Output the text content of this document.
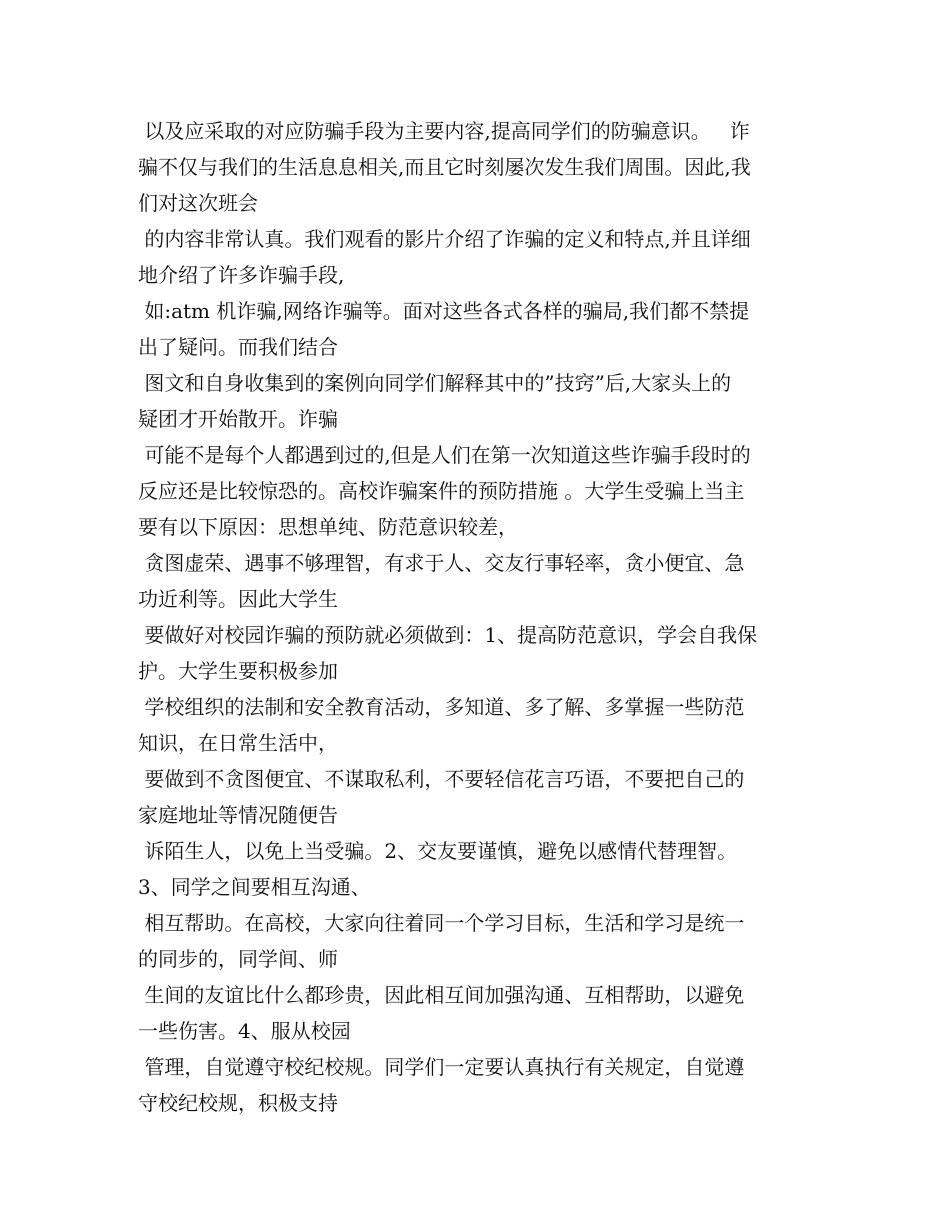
以及应采取的对应防骗手段为主要内容,提高同学们的防骗意识。   诈
骗不仅与我们的生活息息相关,而且它时刻屡次发生我们周围。因此,我
们对这次班会
的内容非常认真。我们观看的影片介绍了诈骗的定义和特点,并且详细
地介绍了许多诈骗手段,
如:atm 机诈骗,网络诈骗等。面对这些各式各样的骗局,我们都不禁提
出了疑问。而我们结合
图文和自身收集到的案例向同学们解释其中的”技窍”后,大家头上的
疑团才开始散开。诈骗
可能不是每个人都遇到过的,但是人们在第一次知道这些诈骗手段时的
反应还是比较惊恐的。高校诈骗案件的预防措施 。大学生受骗上当主
要有以下原因：思想单纯、防范意识较差，
贪图虚荣、遇事不够理智，有求于人、交友行事轻率，贪小便宜、急
功近利等。因此大学生
要做好对校园诈骗的预防就必须做到：1、提高防范意识，学会自我保
护。大学生要积极参加
学校组织的法制和安全教育活动，多知道、多了解、多掌握一些防范
知识，在日常生活中，
要做到不贪图便宜、不谋取私利，不要轻信花言巧语，不要把自己的
家庭地址等情况随便告
诉陌生人，以免上当受骗。2、交友要谨慎，避免以感情代替理智。
3、同学之间要相互沟通、
相互帮助。在高校，大家向往着同一个学习目标，生活和学习是统一
的同步的，同学间、师
生间的友谊比什么都珍贵，因此相互间加强沟通、互相帮助，以避免
一些伤害。4、服从校园
管理，自觉遵守校纪校规。同学们一定要认真执行有关规定，自觉遵
守校纪校规，积极支持
